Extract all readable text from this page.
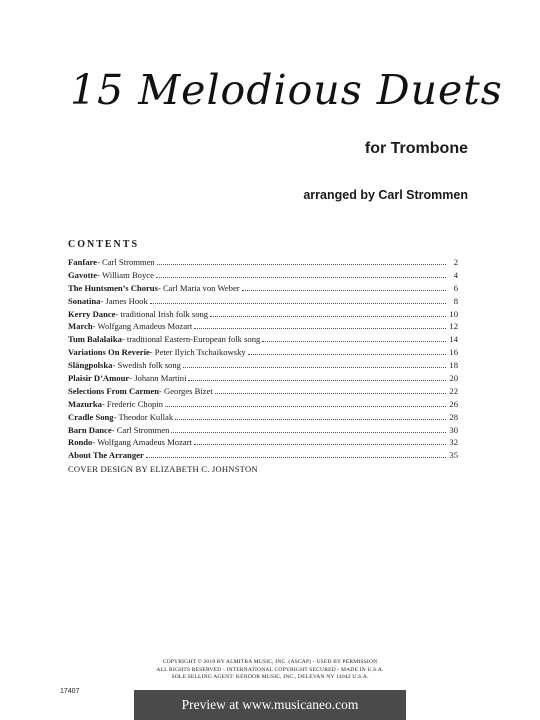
15 Melodious Duets
for Trombone
arranged by Carl Strommen
CONTENTS
Fanfare - Carl Strommen	2
Gavotte - William Boyce	4
The Huntsmen’s Chorus - Carl Maria von Weber	6
Sonatina - James Hook	8
Kerry Dance - traditional Irish folk song	10
March - Wolfgang Amadeus Mozart	12
Tum Balalaika - traditional Eastern-European folk song	14
Variations On Reverie - Peter Ilyich Tschaikowsky	16
Slängpolska - Swedish folk song	18
Plaisir D’Amour - Johann Martini	20
Selections From Carmen - Georges Bizet	22
Mazurka - Frederic Chopin	26
Cradle Song - Theodor Kullak	28
Barn Dance - Carl Strommen	30
Rondo - Wolfgang Amadeus Mozart	32
About The Arranger	35
COVER DESIGN BY ELIZABETH C. JOHNSTON
COPYRIGHT © 2018 BY ALMITRA MUSIC, INC. (ASCAP) - USED BY PERMISSION
ALL RIGHTS RESERVED - INTERNATIONAL COPYRIGHT SECURED - MADE IN U.S.A.
SOLE SELLING AGENT: KENDOR MUSIC, INC., DELEVAN NY 14042 U.S.A.
17407
Preview at www.musicaneo.com
